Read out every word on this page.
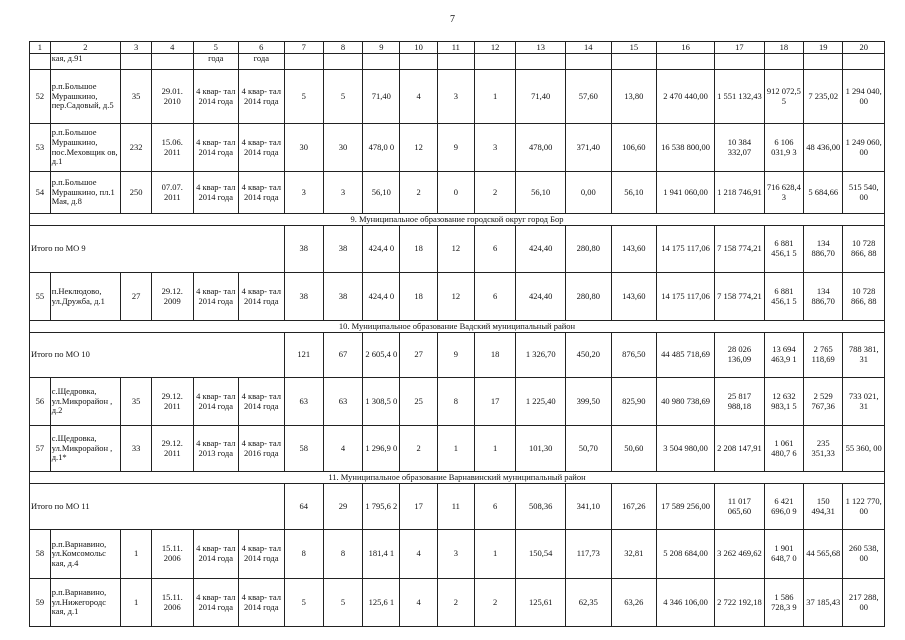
7
1	2	3	4	5	6	7	8	9	10	11	12	13	14	15	16	17	18	19	20
	кая, д.91			года	года														
52	р.п.Большое Мурашкино, пер.Садовый, д.5	35	29.01. 2010	4 квар- тал 2014 года	4 квар- тал 2014 года	5	5	71,40	4	3	1	71,40	57,60	13,80	2 470 440,00	1 551 132,43	912 072,5 5	7 235,02	1 294 040, 00
53	р.п.Большое Мурашкино, пос.Меховщик ов, д.1	232	15.06. 2011	4 квар- тал 2014 года	4 квар- тал 2014 года	30	30	478,0 0	12	9	3	478,00	371,40	106,60	16 538 800,00	10 384 332,07	6 106 031,9 3	48 436,00	1 249 060, 00
54	р.п.Большое Мурашкино, пл.1 Мая, д.8	250	07.07. 2011	4 квар- тал 2014 года	4 квар- тал 2014 года	3	3	56,10	2	0	2	56,10	0,00	56,10	1 941 060,00	1 218 746,91	716 628,4 3	5 684,66	515 540, 00
9. Муниципальное образование городской округ город Бор																			
Итого по МО 9						38	38	424,4 0	18	12	6	424,40	280,80	143,60	14 175 117,06	7 158 774,21	6 881 456,1 5	134 886,70	10 728 866, 88
55	п.Неклюдово, ул.Дружба, д.1	27	29.12. 2009	4 квар- тал 2014 года	4 квар- тал 2014 года	38	38	424,4 0	18	12	6	424,40	280,80	143,60	14 175 117,06	7 158 774,21	6 881 456,1 5	134 886,70	10 728 866, 88
10. Муниципальное образование Вадский муниципальный район																			
Итого по МО 10						121	67	2 605,4 0	27	9	18	1 326,70	450,20	876,50	44 485 718,69	28 026 136,09	13 694 463,9 1	2 765 118,69	788 381, 31
56	с.Щедровка, ул.Микрорайон , д.2	35	29.12. 2011	4 квар- тал 2014 года	4 квар- тал 2014 года	63	63	1 308,5 0	25	8	17	1 225,40	399,50	825,90	40 980 738,69	25 817 988,18	12 632 983,1 5	2 529 767,36	733 021, 31
57	с.Щедровка, ул.Микрорайон , д.1*	33	29.12. 2011	4 квар- тал 2013 года	4 квар- тал 2016 года	58	4	1 296,9 0	2	1	1	101,30	50,70	50,60	3 504 980,00	2 208 147,91	1 061 480,7 6	235 351,33	55 360, 00
11. Муниципальное образование Варнавинский муниципальный район																			
Итого по МО 11						64	29	1 795,6 2	17	11	6	508,36	341,10	167,26	17 589 256,00	11 017 065,60	6 421 696,0 9	150 494,31	1 122 770, 00
58	р.п.Варнавино, ул.Комсомольс кая, д.4	1	15.11. 2006	4 квар- тал 2014 года	4 квар- тал 2014 года	8	8	181,4 1	4	3	1	150,54	117,73	32,81	5 208 684,00	3 262 469,62	1 901 648,7 0	44 565,68	260 538, 00
59	р.п.Варнавино, ул.Нижегородс кая, д.1	1	15.11. 2006	4 квар- тал 2014 года	4 квар- тал 2014 года	5	5	125,6 1	4	2	2	125,61	62,35	63,26	4 346 106,00	2 722 192,18	1 586 728,3 9	37 185,43	217 288, 00
